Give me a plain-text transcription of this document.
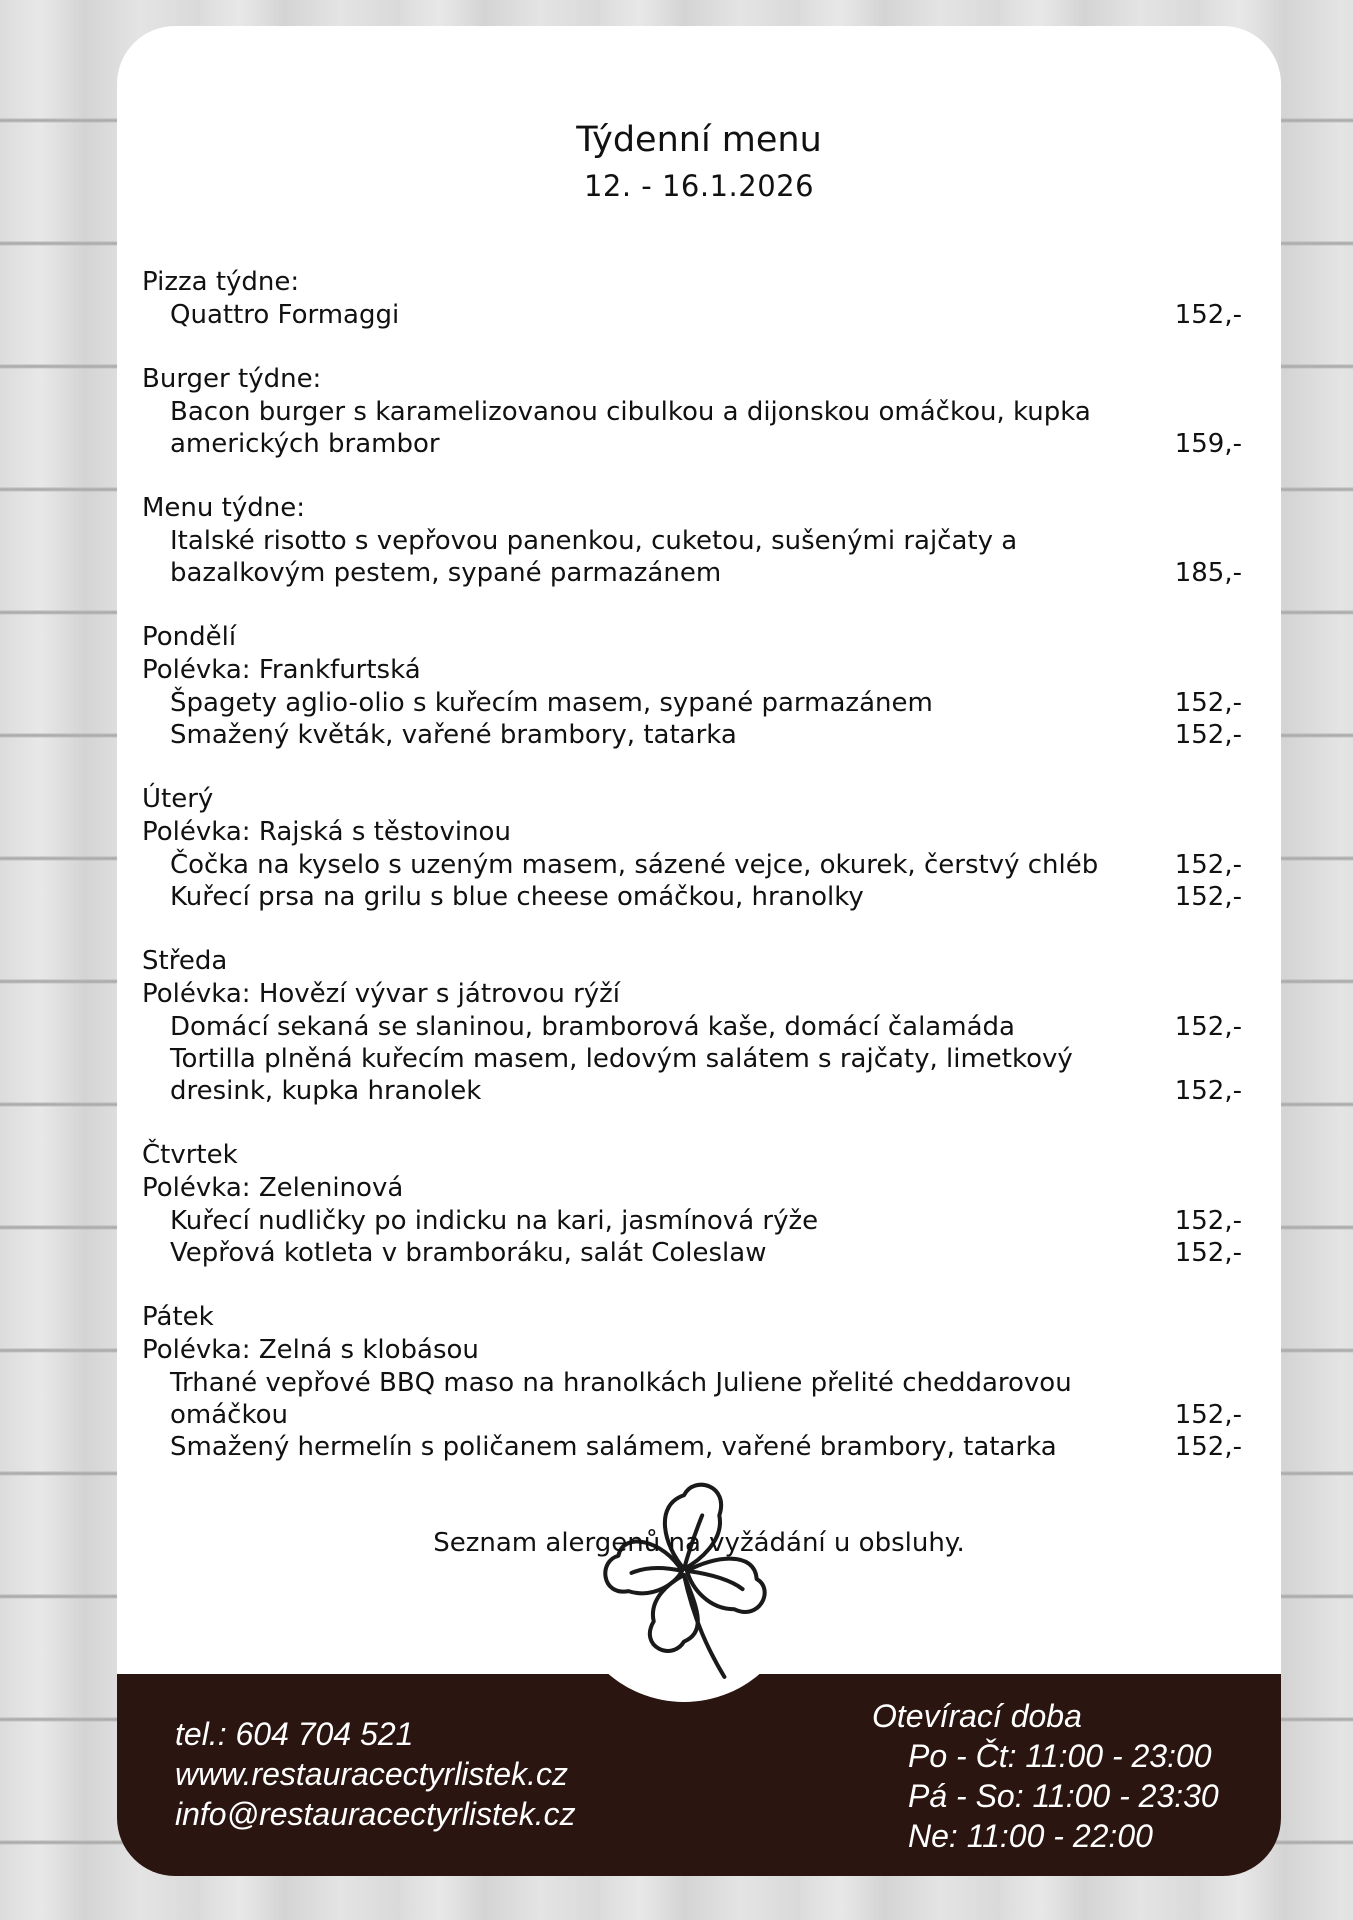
Týdenní menu
12. - 16.1.2026
Pizza týdne:
Quattro Formaggi	152,-
Burger týdne:
Bacon burger s karamelizovanou cibulkou a dijonskou omáčkou, kupka amerických brambor	159,-
Menu týdne:
Italské risotto s vepřovou panenkou, cuketou, sušenými rajčaty a bazalkovým pestem, sypané parmazánem	185,-
Pondělí
Polévka: Frankfurtská
Špagety aglio-olio s kuřecím masem, sypané parmazánem	152,-
Smažený květák, vařené brambory, tatarka	152,-
Úterý
Polévka: Rajská s těstovinou
Čočka na kyselo s uzeným masem, sázené vejce, okurek, čerstvý chléb	152,-
Kuřecí prsa na grilu s blue cheese omáčkou, hranolky	152,-
Středa
Polévka: Hovězí vývar s játrovou rýží
Domácí sekaná se slaninou, bramborová kaše, domácí čalamáda	152,-
Tortilla plněná kuřecím masem, ledovým salátem s rajčaty, limetkový dresink, kupka hranolek	152,-
Čtvrtek
Polévka: Zeleninová
Kuřecí nudličky po indicku na kari, jasmínová rýže	152,-
Vepřová kotleta v bramboráku, salát Coleslaw	152,-
Pátek
Polévka: Zelná s klobásou
Trhané vepřové BBQ maso na hranolkách Juliene přelité cheddarovou omáčkou	152,-
Smažený hermelín s poličanem salámem, vařené brambory, tatarka	152,-
Seznam alergenů na vyžádání u obsluhy.
tel.: 604 704 521
www.restauracectyrlistek.cz
info@restauracectyrlistek.cz
Otevírací doba
Po - Čt: 11:00 - 23:00
Pá - So: 11:00 - 23:30
Ne: 11:00 - 22:00
